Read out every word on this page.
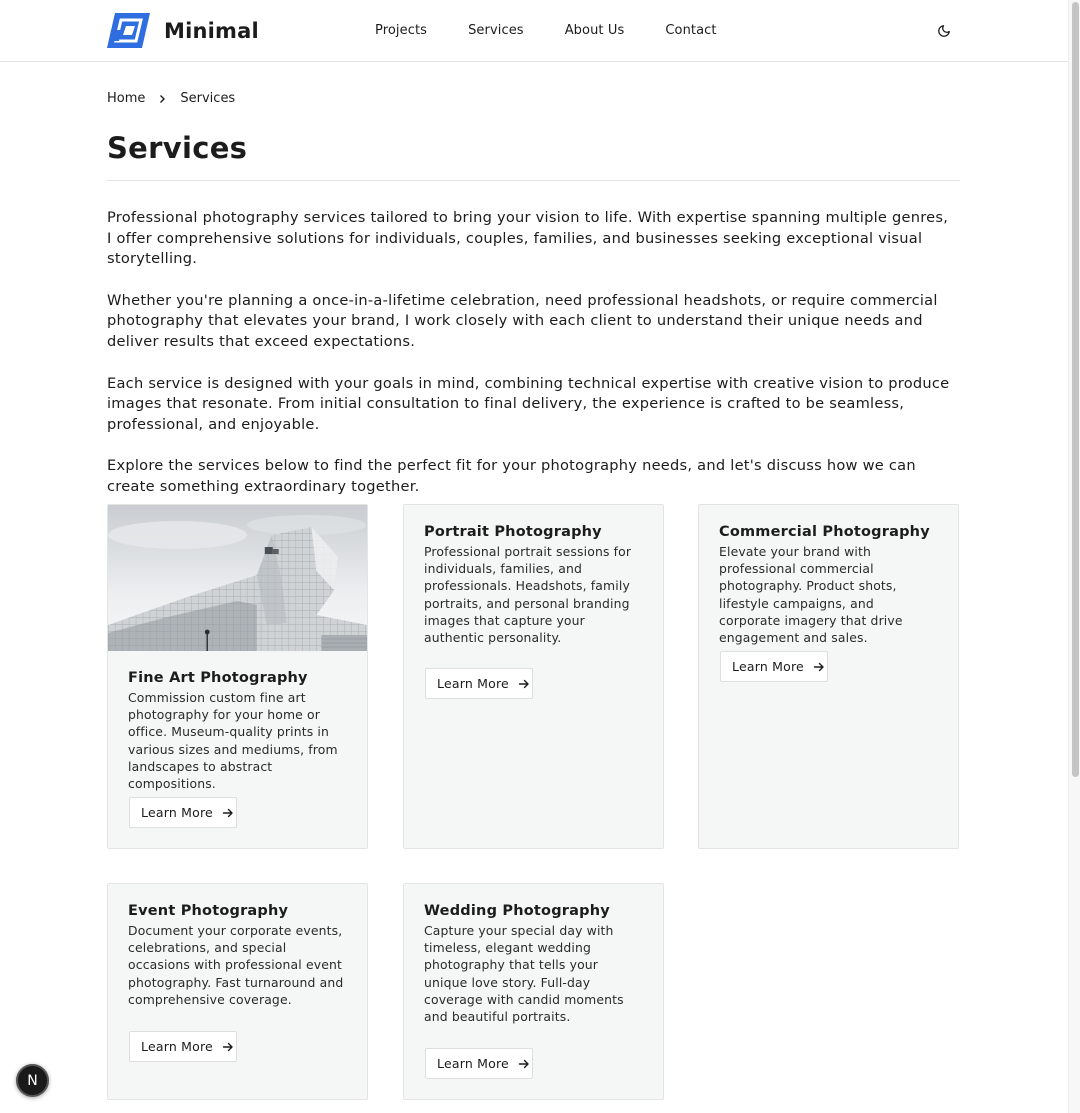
Minimal	Projects	Services	About Us	Contact
Home	Services
Services

Professional photography services tailored to bring your vision to life. With expertise spanning multiple genres, I offer comprehensive solutions for individuals, couples, families, and businesses seeking exceptional visual storytelling.

Whether you're planning a once-in-a-lifetime celebration, need professional headshots, or require commercial photography that elevates your brand, I work closely with each client to understand their unique needs and deliver results that exceed expectations.

Each service is designed with your goals in mind, combining technical expertise with creative vision to produce images that resonate. From initial consultation to final delivery, the experience is crafted to be seamless, professional, and enjoyable.

Explore the services below to find the perfect fit for your photography needs, and let's discuss how we can create something extraordinary together.

Fine Art Photography

Commission custom fine art photography for your home or office. Museum-quality prints in various sizes and mediums, from landscapes to abstract compositions.

Learn More
Portrait Photography

Professional portrait sessions for individuals, families, and professionals. Headshots, family portraits, and personal branding images that capture your authentic personality.

Learn More
Commercial Photography

Elevate your brand with professional commercial photography. Product shots, lifestyle campaigns, and corporate imagery that drive engagement and sales.

Learn More
Event Photography

Document your corporate events, celebrations, and special occasions with professional event photography. Fast turnaround and comprehensive coverage.

Learn More
Wedding Photography

Capture your special day with timeless, elegant wedding photography that tells your unique love story. Full-day coverage with candid moments and beautiful portraits.

Learn More
N
